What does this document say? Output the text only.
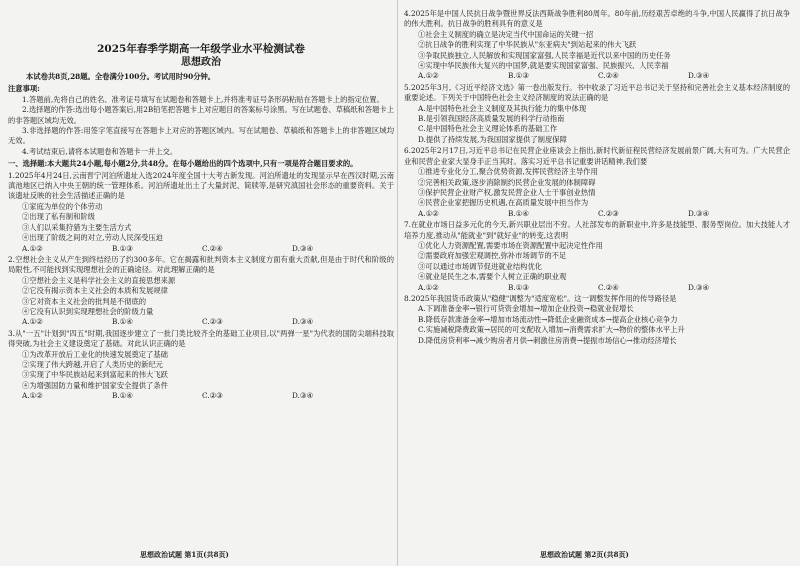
2025年春季学期高一年级学业水平检测试卷
思想政治
本试卷共8页,28题。全卷满分100分。考试用时90分钟。
注意事项:
1.答题前,先将自己的姓名、准考证号填写在试题卷和答题卡上,并将准考证号条形码粘贴在答题卡上的指定位置。
2.选择题的作答:选出每小题答案后,用2B铅笔把答题卡上对应题目的答案标号涂黑。写在试题卷、草稿纸和答题卡上的非答题区域均无效。
3.非选择题的作答:用签字笔直接写在答题卡上对应的答题区域内。写在试题卷、草稿纸和答题卡上的非答题区域均无效。
4.考试结束后,请将本试题卷和答题卡一并上交。
一、选择题:本大题共24小题,每小题2分,共48分。在每小题给出的四个选项中,只有一项是符合题目要求的。
1.2025年4月24日,云南晋宁河泊所遗址入选2024年度全国十大考古新发现。河泊所遗址的发现显示早在西汉时期,云南滇池地区已纳入中央王朝的统一管理体系。河泊所遗址出土了大量封泥、简牍等,是研究滇国社会形态的重要资料。关于该遗址反映的社会生活描述正确的是
①家庭为单位的个体劳动
②出现了私有制和阶级
③人们以采集狩猎为主要生活方式
④出现了阶级之间的对立,劳动人民深受压迫
A.①②	B.①③	C.②④	D.③④
2.空想社会主义从产生到终结经历了约300多年。它在揭露和批判资本主义制度方面有重大贡献,但是由于时代和阶级的局限性,不可能找到实现理想社会的正确途径。对此理解正确的是
①空想社会主义是科学社会主义的直接思想来源
②它没有揭示资本主义社会的本质和发展规律
③它对资本主义社会的批判是不彻底的
④它没有认识到实现理想社会的阶级力量
A.①②	B.①④	C.②③	D.③④
3.从"一五"计划到"四五"时期,我国逐步建立了一批门类比较齐全的基础工业项目,以"两弹一星"为代表的国防尖端科技取得突破,为社会主义建设奠定了基础。对此认识正确的是
①为改革开放后工业化的快速发展奠定了基础
②实现了伟大跨越,开启了人类历史的新纪元
③实现了中华民族站起来到富起来的伟大飞跃
④为增强国防力量和维护国家安全提供了条件
A.①②	B.①④	C.②③	D.③④
4.2025年是中国人民抗日战争暨世界反法西斯战争胜利80周年。80年前,历经艰苦卓绝的斗争,中国人民赢得了抗日战争的伟大胜利。抗日战争的胜利具有的意义是
①社会主义制度的确立是决定当代中国命运的关键一招
②抗日战争的胜利实现了中华民族从"东亚病夫"到站起来的伟大飞跃
③争取民族独立,人民解放和实现国家富强,人民幸福是近代以来中国的历史任务
④实现中华民族伟大复兴的中国梦,就是要实现国家富强、民族振兴、人民幸福
A.①②	B.①③	C.②④	D.③④
5.2025年3月,《习近平经济文选》第一卷出版发行。书中收录了习近平总书记关于坚持和完善社会主义基本经济制度的重要论述。下列关于中国特色社会主义经济制度的说法正确的是
A.是中国特色社会主义制度及其执行能力的集中体现
B.是引领我国经济高质量发展的科学行动指南
C.是中国特色社会主义理论体系的基础工作
D.提供了持续发展,为我国国家提供了制度保障
6.2025年2月17日,习近平总书记在民营企业座谈会上指出,新时代新征程民营经济发展前景广阔,大有可为。广大民营企业和民营企业家大显身手正当其时。落实习近平总书记重要讲话精神,我们要
①推进专业化分工,聚合优势资源,发挥民营经济主导作用
②完善相关政策,逐步消除制约民营企业发展的体制障碍
③保护民营企业财产权,激发民营企业人士干事创业热情
④民营企业家把握历史机遇,在高质量发展中担当作为
A.①②	B.①④	C.②③	D.③④
7.在就业市场日益多元化的今天,新兴职业层出不穷。人社部发布的新职业中,许多是技能型、服务型岗位。加大技能人才培养力度,推动从"能就业"到"就好业"的转变,这表明
①优化人力资源配置,需要市场在资源配置中起决定性作用
②需要政府加强宏观调控,弥补市场调节的不足
③可以通过市场调节促进就业结构优化
④就业是民生之本,需要个人树立正确的职业观
A.①②	B.①③	C.②④	D.③④
8.2025年我国货币政策从"稳健"调整为"适度宽松"。这一调整发挥作用的传导路径是
A.下调准备金率→银行可贷资金增加→增加企业投资→稳就业促增长
B.降低存款准备金率→增加市场流动性→降低企业融资成本→提高企业核心竞争力
C.实施减税降费政策→居民的可支配收入增加→消费需求扩大→物价的整体水平上升
D.降低房贷利率→减少购房者月供→刺激住房消费→提振市场信心→推动经济增长
思想政治试题 第1页(共8页)	思想政治试题 第2页(共8页)
